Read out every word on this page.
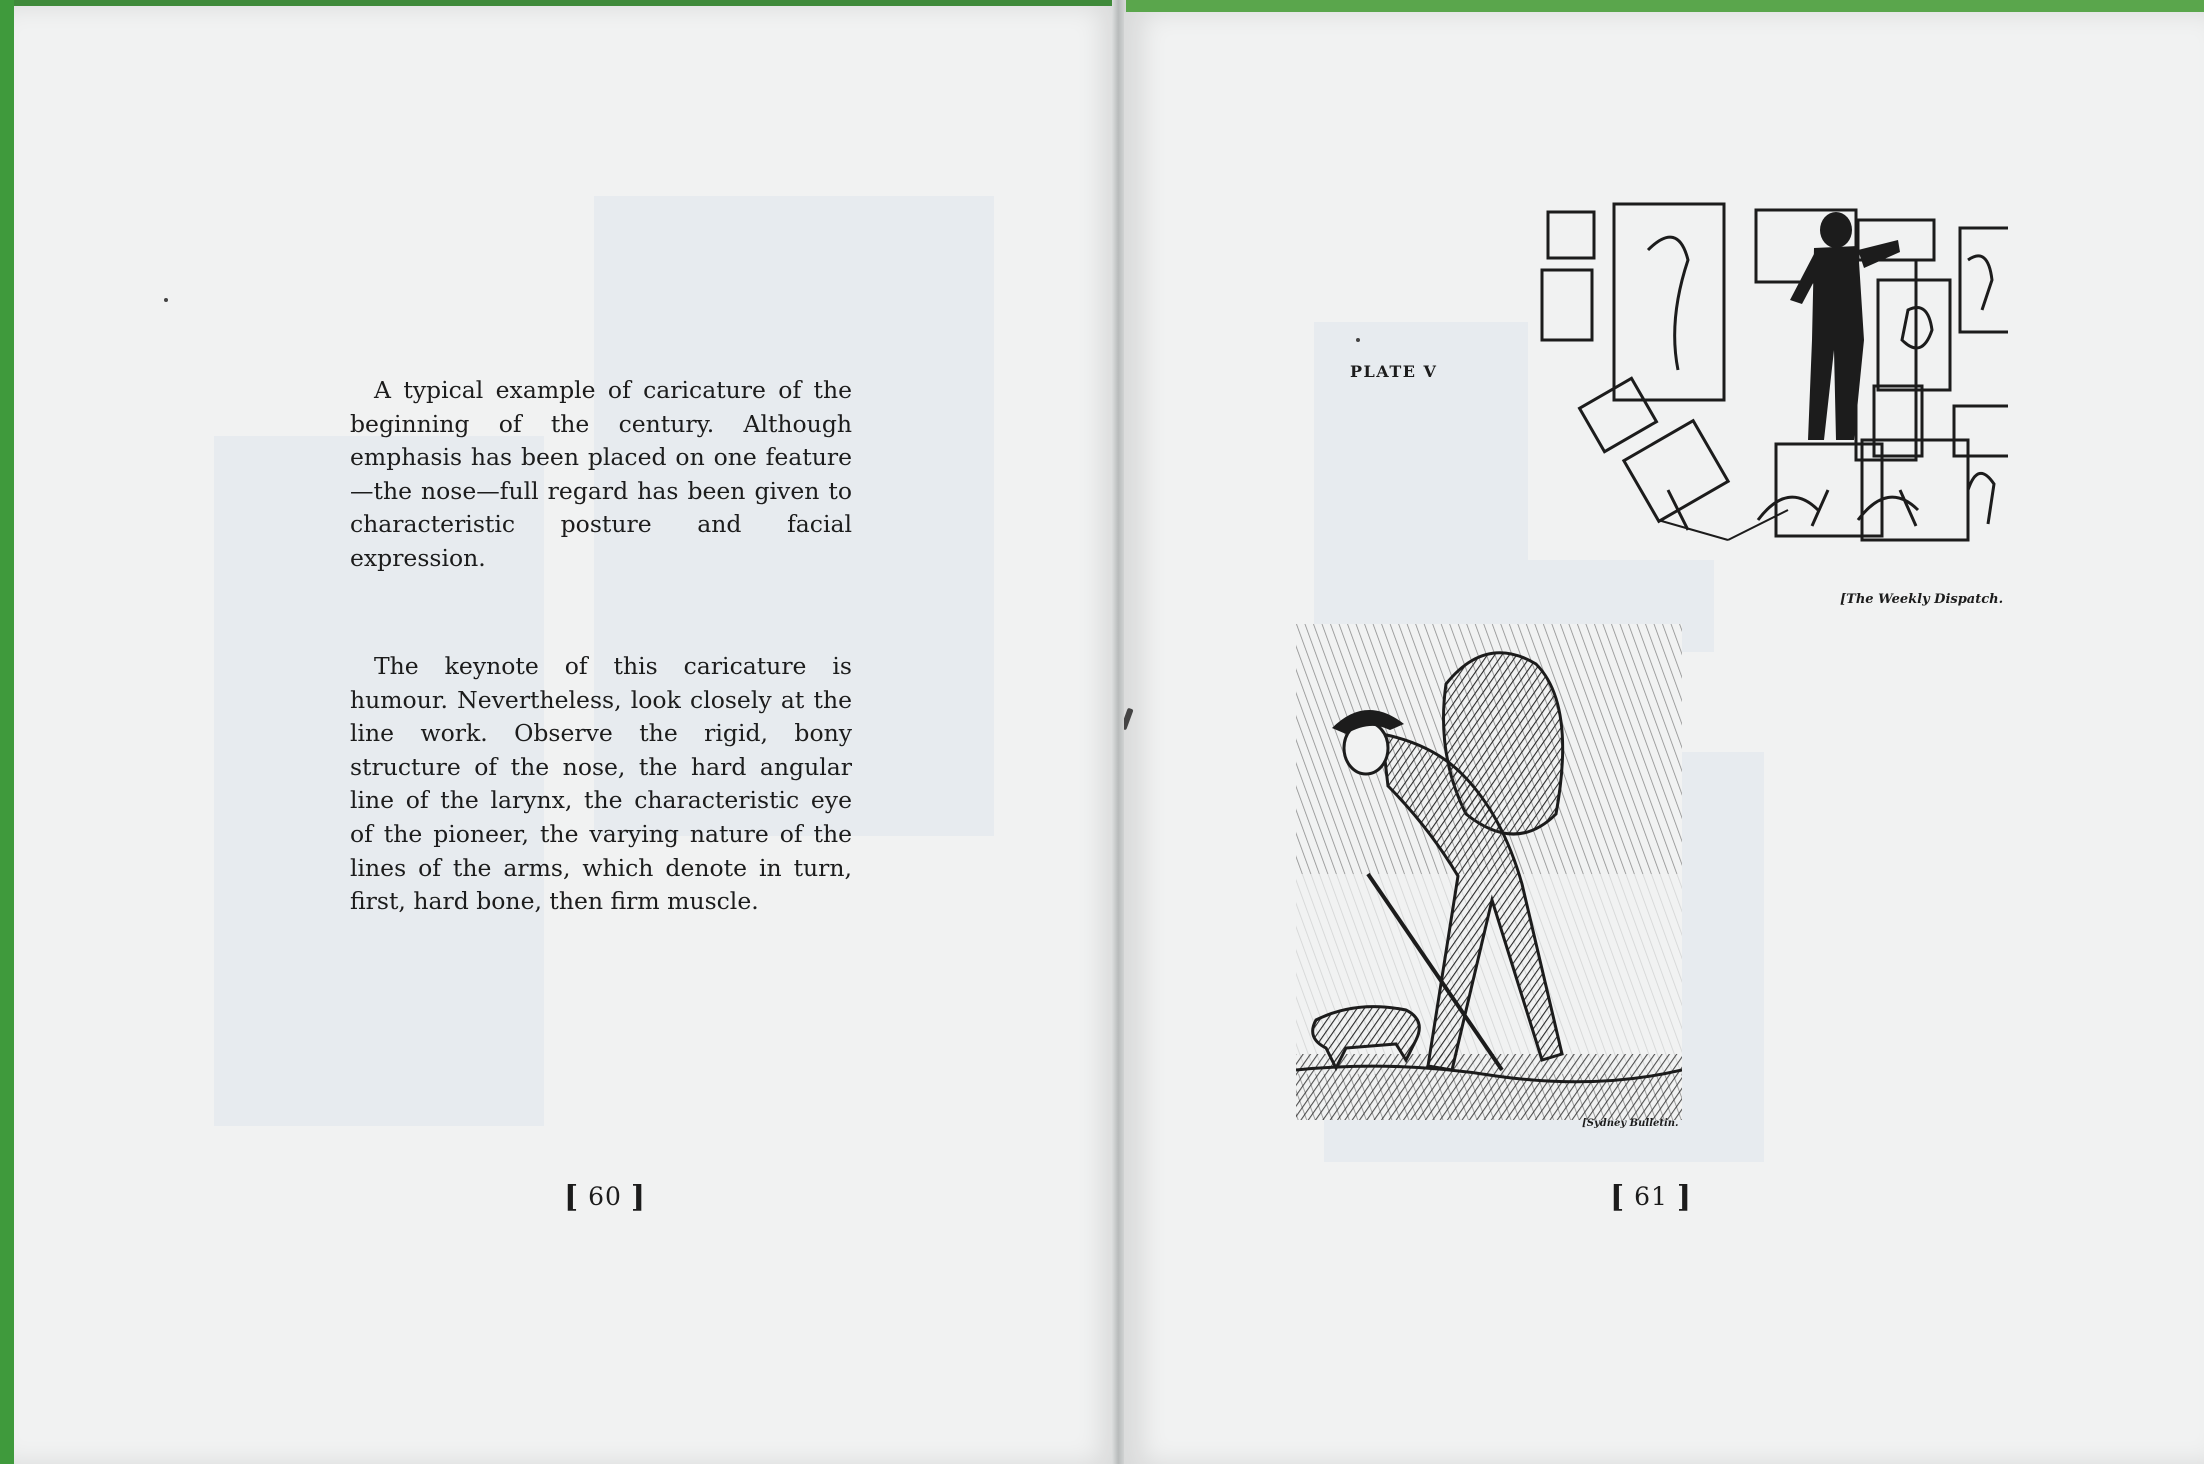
A typical example of caricature of the beginning of the century. Although emphasis has been placed on one feature—the nose—full regard has been given to characteristic posture and facial expression.

The keynote of this caricature is humour. Nevertheless, look closely at the line work. Observe the rigid, bony structure of the nose, the hard angular line of the larynx, the characteristic eye of the pioneer, the varying nature of the lines of the arms, which denote in turn, first, hard bone, then firm muscle.

[ 60 ]
PLATE V
[The Weekly Dispatch.
[Sydney Bulletin.
[ 61 ]
